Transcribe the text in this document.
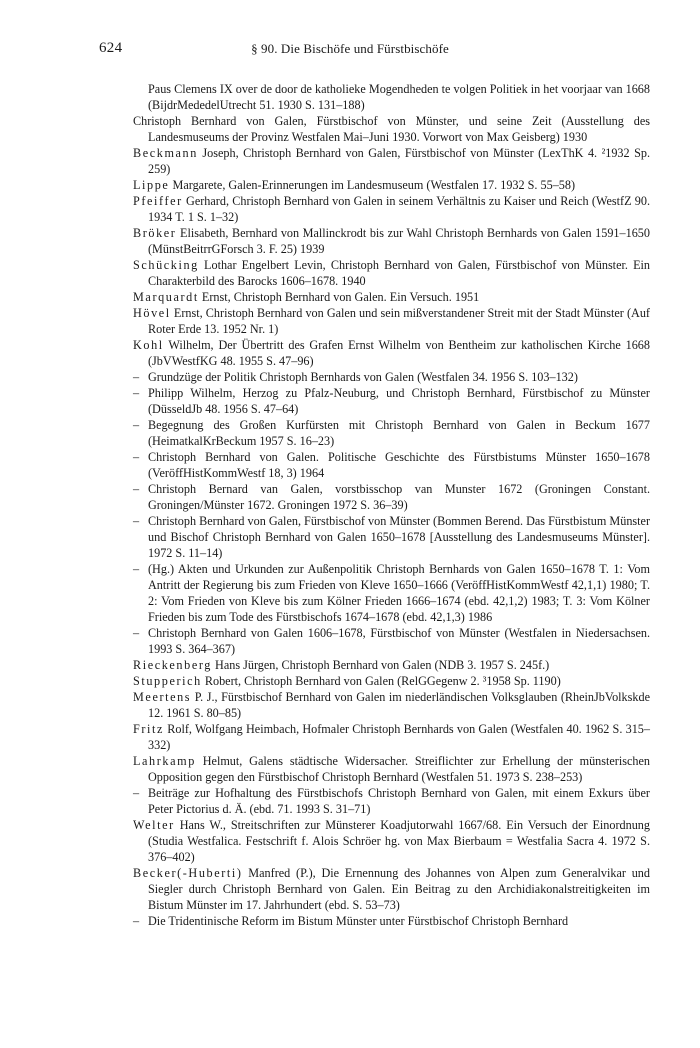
624	§ 90. Die Bischöfe und Fürstbischöfe

Paus Clemens IX over de door de katholieke Mogendheden te volgen Politiek in het voorjaar van 1668 (BijdrMededelUtrecht 51. 1930 S. 131–188)

Christoph Bernhard von Galen, Fürstbischof von Münster, und seine Zeit (Ausstellung des Landesmuseums der Provinz Westfalen Mai–Juni 1930. Vorwort von Max Geisberg) 1930

Beckmann Joseph, Christoph Bernhard von Galen, Fürstbischof von Münster (LexThK 4. ²1932 Sp. 259)

Lippe Margarete, Galen-Erinnerungen im Landesmuseum (Westfalen 17. 1932 S. 55–58)

Pfeiffer Gerhard, Christoph Bernhard von Galen in seinem Verhältnis zu Kaiser und Reich (WestfZ 90. 1934 T. 1 S. 1–32)

Bröker Elisabeth, Bernhard von Mallinckrodt bis zur Wahl Christoph Bernhards von Galen 1591–1650 (MünstBeitrrGForsch 3. F. 25) 1939

Schücking Lothar Engelbert Levin, Christoph Bernhard von Galen, Fürstbischof von Münster. Ein Charakterbild des Barocks 1606–1678. 1940

Marquardt Ernst, Christoph Bernhard von Galen. Ein Versuch. 1951

Hövel Ernst, Christoph Bernhard von Galen und sein mißverstandener Streit mit der Stadt Münster (Auf Roter Erde 13. 1952 Nr. 1)

Kohl Wilhelm, Der Übertritt des Grafen Ernst Wilhelm von Bentheim zur katholischen Kirche 1668 (JbVWestfKG 48. 1955 S. 47–96)

– Grundzüge der Politik Christoph Bernhards von Galen (Westfalen 34. 1956 S. 103–132)

– Philipp Wilhelm, Herzog zu Pfalz-Neuburg, und Christoph Bernhard, Fürstbischof zu Münster (DüsseldJb 48. 1956 S. 47–64)

– Begegnung des Großen Kurfürsten mit Christoph Bernhard von Galen in Beckum 1677 (HeimatkalKrBeckum 1957 S. 16–23)

– Christoph Bernhard von Galen. Politische Geschichte des Fürstbistums Münster 1650–1678 (VeröffHistKommWestf 18, 3) 1964

– Christoph Bernard van Galen, vorstbisschop van Munster 1672 (Groningen Constant. Groningen/Münster 1672. Groningen 1972 S. 36–39)

– Christoph Bernhard von Galen, Fürstbischof von Münster (Bommen Berend. Das Fürstbistum Münster und Bischof Christoph Bernhard von Galen 1650–1678 [Ausstellung des Landesmuseums Münster]. 1972 S. 11–14)

– (Hg.) Akten und Urkunden zur Außenpolitik Christoph Bernhards von Galen 1650–1678 T. 1: Vom Antritt der Regierung bis zum Frieden von Kleve 1650–1666 (VeröffHistKommWestf 42,1,1) 1980; T. 2: Vom Frieden von Kleve bis zum Kölner Frieden 1666–1674 (ebd. 42,1,2) 1983; T. 3: Vom Kölner Frieden bis zum Tode des Fürstbischofs 1674–1678 (ebd. 42,1,3) 1986

– Christoph Bernhard von Galen 1606–1678, Fürstbischof von Münster (Westfalen in Niedersachsen. 1993 S. 364–367)

Rieckenberg Hans Jürgen, Christoph Bernhard von Galen (NDB 3. 1957 S. 245f.)

Stupperich Robert, Christoph Bernhard von Galen (RelGGegenw 2. ³1958 Sp. 1190)

Meertens P. J., Fürstbischof Bernhard von Galen im niederländischen Volksglauben (RheinJbVolkskde 12. 1961 S. 80–85)

Fritz Rolf, Wolfgang Heimbach, Hofmaler Christoph Bernhards von Galen (Westfalen 40. 1962 S. 315–332)

Lahrkamp Helmut, Galens städtische Widersacher. Streiflichter zur Erhellung der münsterischen Opposition gegen den Fürstbischof Christoph Bernhard (Westfalen 51. 1973 S. 238–253)

– Beiträge zur Hofhaltung des Fürstbischofs Christoph Bernhard von Galen, mit einem Exkurs über Peter Pictorius d. Ä. (ebd. 71. 1993 S. 31–71)

Welter Hans W., Streitschriften zur Münsterer Koadjutorwahl 1667/68. Ein Versuch der Einordnung (Studia Westfalica. Festschrift f. Alois Schröer hg. von Max Bierbaum = Westfalia Sacra 4. 1972 S. 376–402)

Becker(-Huberti) Manfred (P.), Die Ernennung des Johannes von Alpen zum Generalvikar und Siegler durch Christoph Bernhard von Galen. Ein Beitrag zu den Archidiakonalstreitigkeiten im Bistum Münster im 17. Jahrhundert (ebd. S. 53–73)

– Die Tridentinische Reform im Bistum Münster unter Fürstbischof Christoph Bernhard
